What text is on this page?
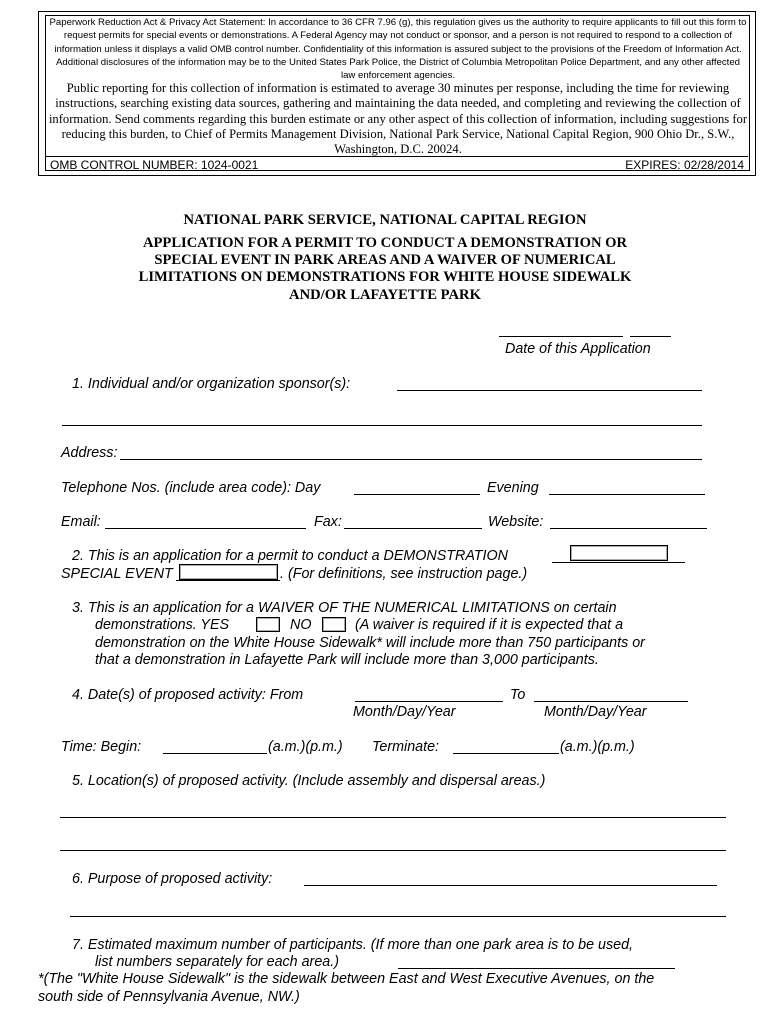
Paperwork Reduction Act & Privacy Act Statement: In accordance to 36 CFR 7.96 (g), this regulation gives us the authority to require applicants to fill out this form to request permits for special events or demonstrations. A Federal Agency may not conduct or sponsor, and a person is not required to respond to a collection of information unless it displays a valid OMB control number. Confidentiality of this information is assured subject to the provisions of the Freedom of Information Act. Additional disclosures of the information may be to the United States Park Police, the District of Columbia Metropolitan Police Department, and any other affected law enforcement agencies.
Public reporting for this collection of information is estimated to average 30 minutes per response, including the time for reviewing instructions, searching existing data sources, gathering and maintaining the data needed, and completing and reviewing the collection of information. Send comments regarding this burden estimate or any other aspect of this collection of information, including suggestions for reducing this burden, to Chief of Permits Management Division, National Park Service, National Capital Region, 900 Ohio Dr., S.W., Washington, D.C. 20024.
OMB CONTROL NUMBER: 1024-0021	EXPIRES: 02/28/2014
NATIONAL PARK SERVICE, NATIONAL CAPITAL REGION
APPLICATION FOR A PERMIT TO CONDUCT A DEMONSTRATION OR
SPECIAL EVENT IN PARK AREAS AND A WAIVER OF NUMERICAL
LIMITATIONS ON DEMONSTRATIONS FOR WHITE HOUSE SIDEWALK
AND/OR LAFAYETTE PARK
Date of this Application
1. Individual and/or organization sponsor(s):
Address:
Telephone Nos. (include area code): Day	Evening
Email:	Fax:	Website:
2. This is an application for a permit to conduct a DEMONSTRATION
SPECIAL EVENT	. (For definitions, see instruction page.)
3. This is an application for a WAIVER OF THE NUMERICAL LIMITATIONS on certain
demonstrations. YES	NO	(A waiver is required if it is expected that a
demonstration on the White House Sidewalk* will include more than 750 participants or
that a demonstration in Lafayette Park will include more than 3,000 participants.
4. Date(s) of proposed activity: From	To
Month/Day/Year	Month/Day/Year
Time: Begin:	(a.m.)(p.m.) Terminate:	(a.m.)(p.m.)
5. Location(s) of proposed activity. (Include assembly and dispersal areas.)
6. Purpose of proposed activity:
7. Estimated maximum number of participants. (If more than one park area is to be used,
list numbers separately for each area.)
*(The "White House Sidewalk" is the sidewalk between East and West Executive Avenues, on the
south side of Pennsylvania Avenue, NW.)
